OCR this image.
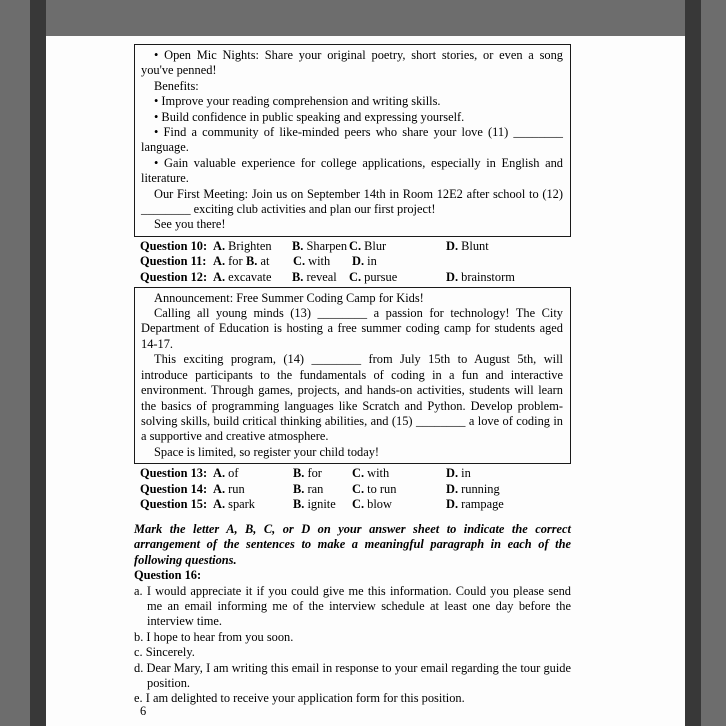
• Open Mic Nights: Share your original poetry, short stories, or even a song you've penned!

Benefits:

• Improve your reading comprehension and writing skills.

• Build confidence in public speaking and expressing yourself.

• Find a community of like-minded peers who share your love (11) ________ language.

• Gain valuable experience for college applications, especially in English and literature.

Our First Meeting: Join us on September 14th in Room 12E2 after school to (12) ________ exciting club activities and plan our first project!

See you there!

Question 10: A. Brighten B. Sharpen C. Blur	D. Blunt
Question 11: A. for B. at C. with D. in
Question 12: A. excavate B. reveal C. pursue	D. brainstorm

Announcement: Free Summer Coding Camp for Kids!

Calling all young minds (13) ________ a passion for technology! The City Department of Education is hosting a free summer coding camp for students aged 14-17.

This exciting program, (14) ________ from July 15th to August 5th, will introduce participants to the fundamentals of coding in a fun and interactive environment. Through games, projects, and hands-on activities, students will learn the basics of programming languages like Scratch and Python. Develop problem-solving skills, build critical thinking abilities, and (15) ________ a love of coding in a supportive and creative atmosphere.

Space is limited, so register your child today!

Question 13: A. of	B. for C. with	D. in
Question 14: A. run	B. ran C. to run	D. running
Question 15: A. spark	B. ignite C. blow	D. rampage

Mark the letter A, B, C, or D on your answer sheet to indicate the correct arrangement of the sentences to make a meaningful paragraph in each of the following questions.

Question 16:

a. I would appreciate it if you could give me this information. Could you please send me an email informing me of the interview schedule at least one day before the interview time.

b. I hope to hear from you soon.

c. Sincerely.

d. Dear Mary, I am writing this email in response to your email regarding the tour guide position.

e. I am delighted to receive your application form for this position.

6
